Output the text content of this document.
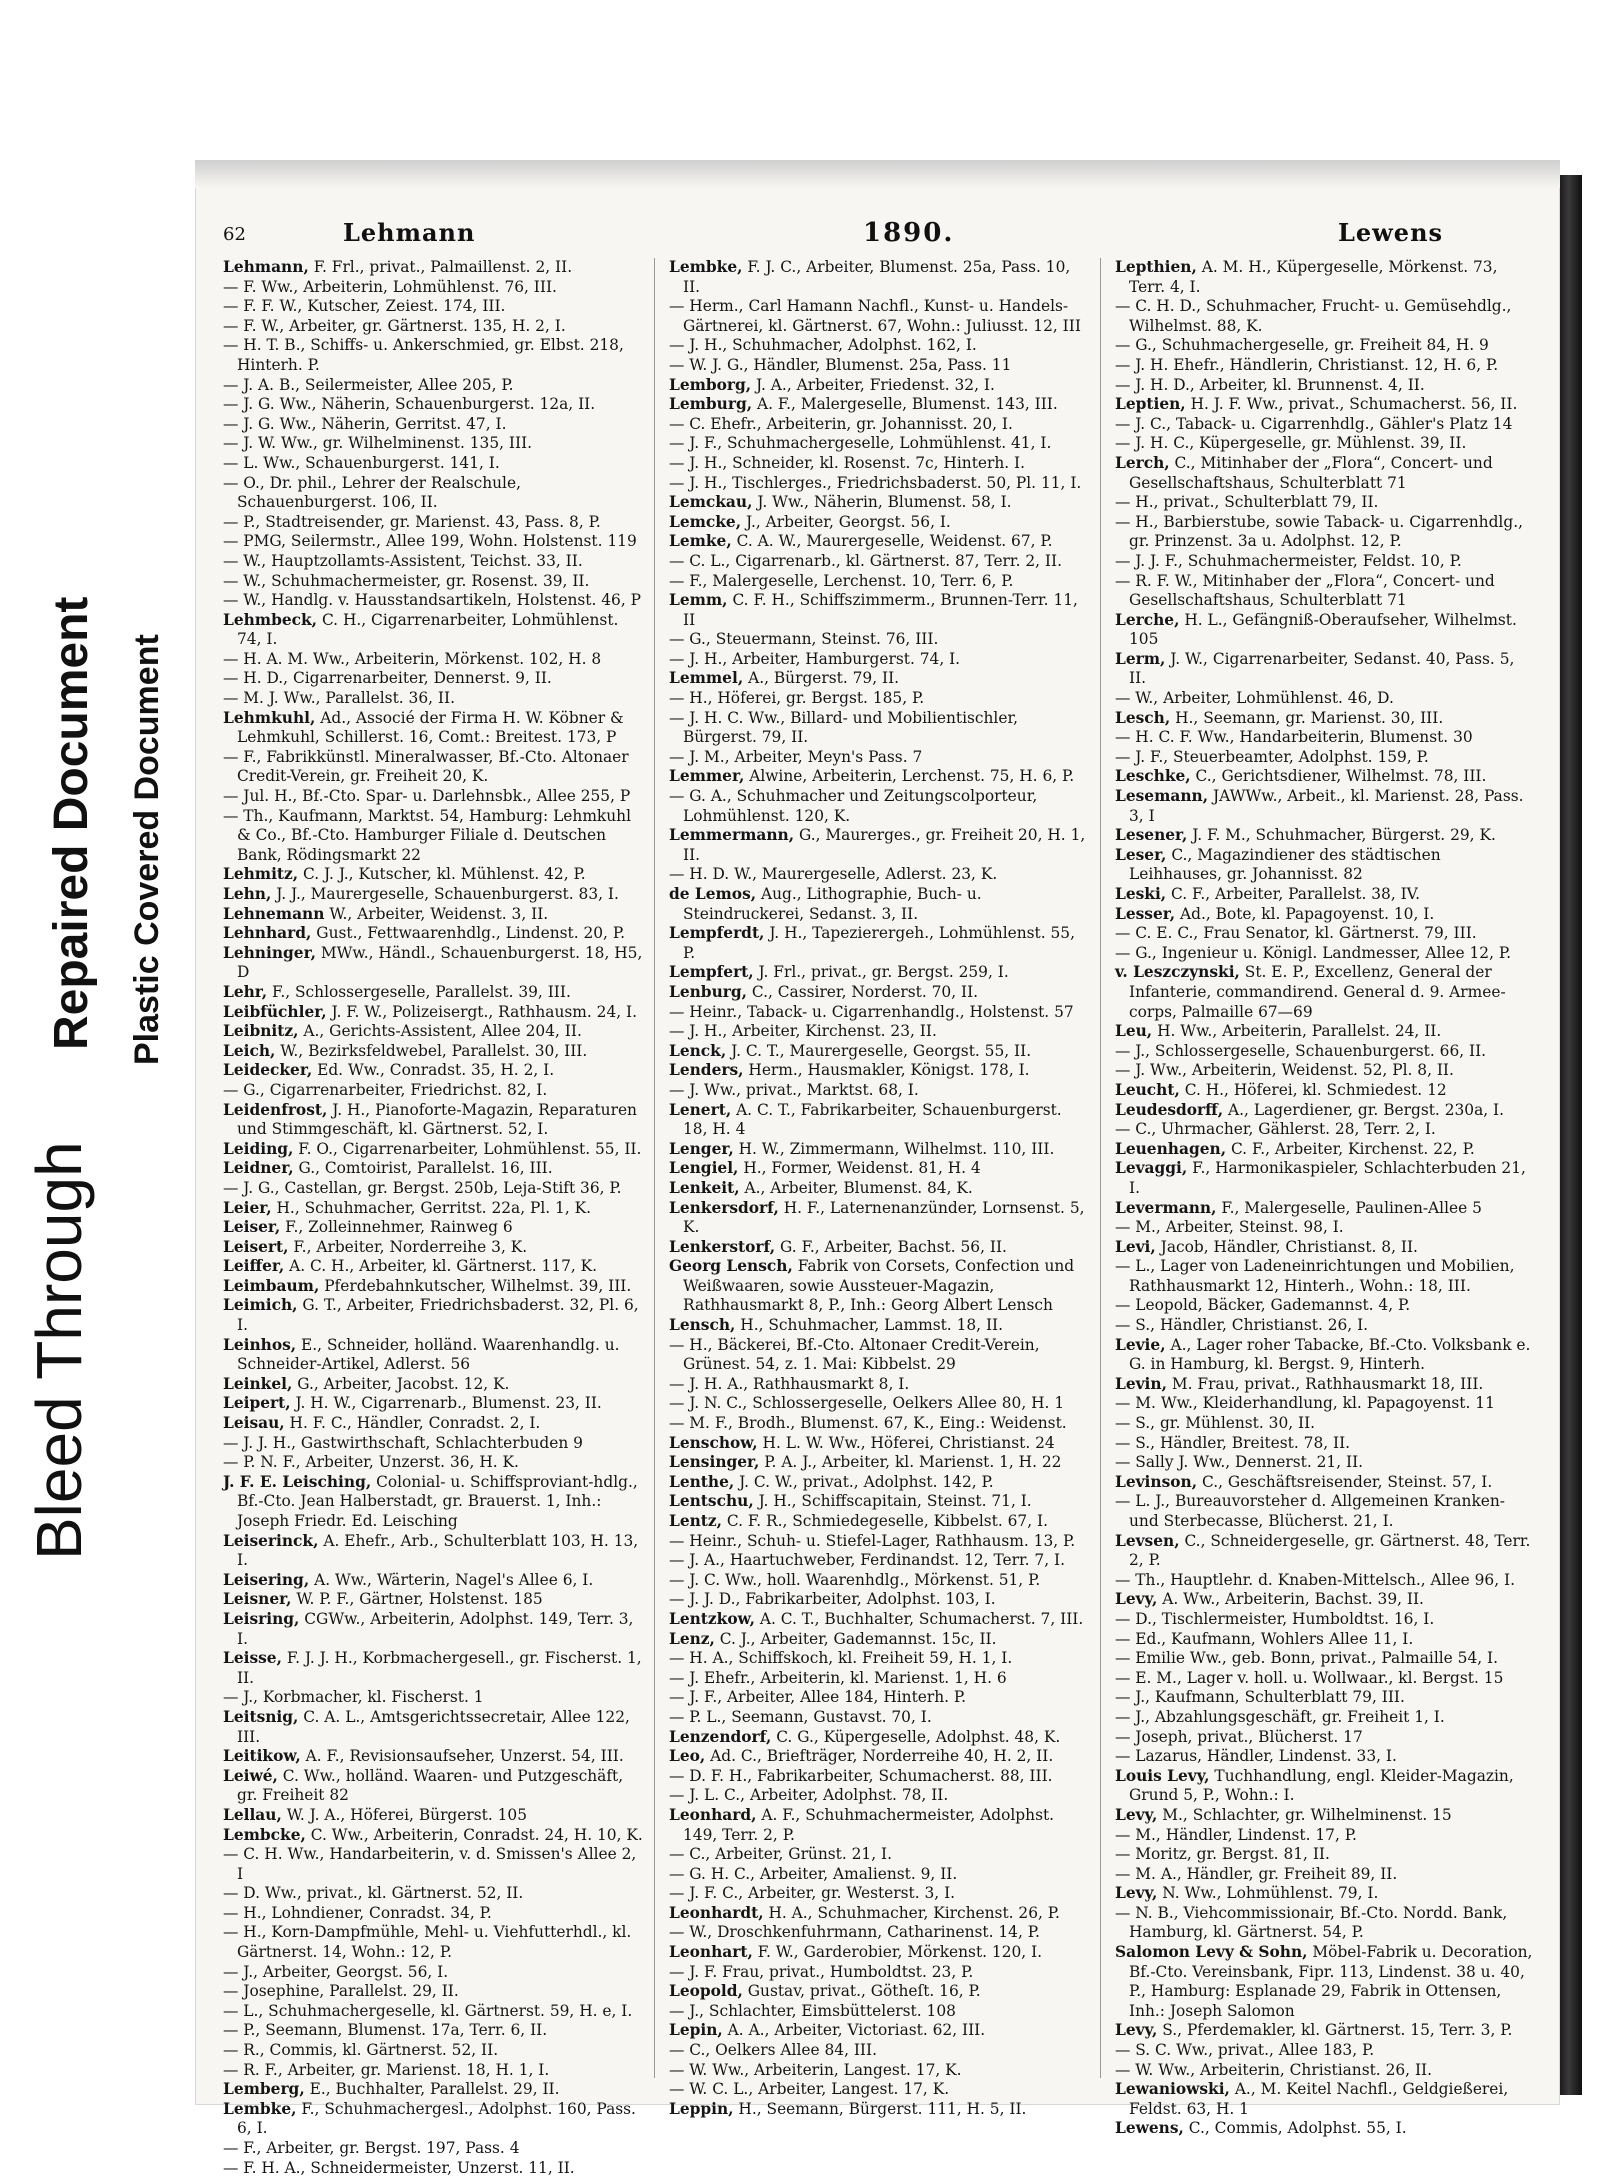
Bleed Through
Repaired Document Plastic Covered Document
62	Lehmann	1890.	Lewens

Lehmann, F. Frl., privat., Palmaillenst. 2, II.

— F. Ww., Arbeiterin, Lohmühlenst. 76, III.

— F. F. W., Kutscher, Zeiest. 174, III.

— F. W., Arbeiter, gr. Gärtnerst. 135, H. 2, I.

— H. T. B., Schiffs- u. Ankerschmied, gr. Elbst. 218, Hinterh. P.

— J. A. B., Seilermeister, Allee 205, P.

— J. G. Ww., Näherin, Schauenburgerst. 12a, II.

— J. G. Ww., Näherin, Gerritst. 47, I.

— J. W. Ww., gr. Wilhelminenst. 135, III.

— L. Ww., Schauenburgerst. 141, I.

— O., Dr. phil., Lehrer der Realschule, Schauenburgerst. 106, II.

— P., Stadtreisender, gr. Marienst. 43, Pass. 8, P.

— PMG, Seilermstr., Allee 199, Wohn. Holstenst. 119

— W., Hauptzollamts-Assistent, Teichst. 33, II.

— W., Schuhmachermeister, gr. Rosenst. 39, II.

— W., Handlg. v. Hausstandsartikeln, Holstenst. 46, P

Lehmbeck, C. H., Cigarrenarbeiter, Lohmühlenst. 74, I.

— H. A. M. Ww., Arbeiterin, Mörkenst. 102, H. 8

— H. D., Cigarrenarbeiter, Dennerst. 9, II.

— M. J. Ww., Parallelst. 36, II.

Lehmkuhl, Ad., Associé der Firma H. W. Köbner & Lehmkuhl, Schillerst. 16, Comt.: Breitest. 173, P

— F., Fabrikkünstl. Mineralwasser, Bf.-Cto. Altonaer Credit-Verein, gr. Freiheit 20, K.

— Jul. H., Bf.-Cto. Spar- u. Darlehnsbk., Allee 255, P

— Th., Kaufmann, Marktst. 54, Hamburg: Lehmkuhl & Co., Bf.-Cto. Hamburger Filiale d. Deutschen Bank, Rödingsmarkt 22

Lehmitz, C. J. J., Kutscher, kl. Mühlenst. 42, P.

Lehn, J. J., Maurergeselle, Schauenburgerst. 83, I.

Lehnemann W., Arbeiter, Weidenst. 3, II.

Lehnhard, Gust., Fettwaarenhdlg., Lindenst. 20, P.

Lehninger, MWw., Händl., Schauenburgerst. 18, H5, D

Lehr, F., Schlossergeselle, Parallelst. 39, III.

Leibfüchler, J. F. W., Polizeisergt., Rathhausm. 24, I.

Leibnitz, A., Gerichts-Assistent, Allee 204, II.

Leich, W., Bezirksfeldwebel, Parallelst. 30, III.

Leidecker, Ed. Ww., Conradst. 35, H. 2, I.

— G., Cigarrenarbeiter, Friedrichst. 82, I.

Leidenfrost, J. H., Pianoforte-Magazin, Reparaturen und Stimmgeschäft, kl. Gärtnerst. 52, I.

Leiding, F. O., Cigarrenarbeiter, Lohmühlenst. 55, II.

Leidner, G., Comtoirist, Parallelst. 16, III.

— J. G., Castellan, gr. Bergst. 250b, Leja-Stift 36, P.

Leier, H., Schuhmacher, Gerritst. 22a, Pl. 1, K.

Leiser, F., Zolleinnehmer, Rainweg 6

Leisert, F., Arbeiter, Norderreihe 3, K.

Leiffer, A. C. H., Arbeiter, kl. Gärtnerst. 117, K.

Leimbaum, Pferdebahnkutscher, Wilhelmst. 39, III.

Leimich, G. T., Arbeiter, Friedrichsbaderst. 32, Pl. 6, I.

Leinhos, E., Schneider, holländ. Waarenhandlg. u. Schneider-Artikel, Adlerst. 56

Leinkel, G., Arbeiter, Jacobst. 12, K.

Leipert, J. H. W., Cigarrenarb., Blumenst. 23, II.

Leisau, H. F. C., Händler, Conradst. 2, I.

— J. J. H., Gastwirthschaft, Schlachterbuden 9

— P. N. F., Arbeiter, Unzerst. 36, H. K.

J. F. E. Leisching, Colonial- u. Schiffsproviant-hdlg., Bf.-Cto. Jean Halberstadt, gr. Brauerst. 1, Inh.: Joseph Friedr. Ed. Leisching

Leiserinck, A. Ehefr., Arb., Schulterblatt 103, H. 13, I.

Leisering, A. Ww., Wärterin, Nagel's Allee 6, I.

Leisner, W. P. F., Gärtner, Holstenst. 185

Leisring, CGWw., Arbeiterin, Adolphst. 149, Terr. 3, I.

Leisse, F. J. J. H., Korbmachergesell., gr. Fischerst. 1, II.

— J., Korbmacher, kl. Fischerst. 1

Leitsnig, C. A. L., Amtsgerichtssecretair, Allee 122, III.

Leitikow, A. F., Revisionsaufseher, Unzerst. 54, III.

Leiwé, C. Ww., holländ. Waaren- und Putzgeschäft, gr. Freiheit 82

Lellau, W. J. A., Höferei, Bürgerst. 105

Lembcke, C. Ww., Arbeiterin, Conradst. 24, H. 10, K.

— C. H. Ww., Handarbeiterin, v. d. Smissen's Allee 2, I

— D. Ww., privat., kl. Gärtnerst. 52, II.

— H., Lohndiener, Conradst. 34, P.

— H., Korn-Dampfmühle, Mehl- u. Viehfutterhdl., kl. Gärtnerst. 14, Wohn.: 12, P.

— J., Arbeiter, Georgst. 56, I.

— Josephine, Parallelst. 29, II.

— L., Schuhmachergeselle, kl. Gärtnerst. 59, H. e, I.

— P., Seemann, Blumenst. 17a, Terr. 6, II.

— R., Commis, kl. Gärtnerst. 52, II.

— R. F., Arbeiter, gr. Marienst. 18, H. 1, I.

Lemberg, E., Buchhalter, Parallelst. 29, II.

Lembke, F., Schuhmachergesl., Adolphst. 160, Pass. 6, I.

— F., Arbeiter, gr. Bergst. 197, Pass. 4

— F. H. A., Schneidermeister, Unzerst. 11, II.

Lembke, F. J. C., Arbeiter, Blumenst. 25a, Pass. 10, II.

— Herm., Carl Hamann Nachfl., Kunst- u. Handels-Gärtnerei, kl. Gärtnerst. 67, Wohn.: Juliusst. 12, III

— J. H., Schuhmacher, Adolphst. 162, I.

— W. J. G., Händler, Blumenst. 25a, Pass. 11

Lemborg, J. A., Arbeiter, Friedenst. 32, I.

Lemburg, A. F., Malergeselle, Blumenst. 143, III.

— C. Ehefr., Arbeiterin, gr. Johannisst. 20, I.

— J. F., Schuhmachergeselle, Lohmühlenst. 41, I.

— J. H., Schneider, kl. Rosenst. 7c, Hinterh. I.

— J. H., Tischlerges., Friedrichsbaderst. 50, Pl. 11, I.

Lemckau, J. Ww., Näherin, Blumenst. 58, I.

Lemcke, J., Arbeiter, Georgst. 56, I.

Lemke, C. A. W., Maurergeselle, Weidenst. 67, P.

— C. L., Cigarrenarb., kl. Gärtnerst. 87, Terr. 2, II.

— F., Malergeselle, Lerchenst. 10, Terr. 6, P.

Lemm, C. F. H., Schiffszimmerm., Brunnen-Terr. 11, II

— G., Steuermann, Steinst. 76, III.

— J. H., Arbeiter, Hamburgerst. 74, I.

Lemmel, A., Bürgerst. 79, II.

— H., Höferei, gr. Bergst. 185, P.

— J. H. C. Ww., Billard- und Mobilientischler, Bürgerst. 79, II.

— J. M., Arbeiter, Meyn's Pass. 7

Lemmer, Alwine, Arbeiterin, Lerchenst. 75, H. 6, P.

— G. A., Schuhmacher und Zeitungscolporteur, Lohmühlenst. 120, K.

Lemmermann, G., Maurerges., gr. Freiheit 20, H. 1, II.

— H. D. W., Maurergeselle, Adlerst. 23, K.

de Lemos, Aug., Lithographie, Buch- u. Steindruckerei, Sedanst. 3, II.

Lempferdt, J. H., Tapezierergeh., Lohmühlenst. 55, P.

Lempfert, J. Frl., privat., gr. Bergst. 259, I.

Lenburg, C., Cassirer, Norderst. 70, II.

— Heinr., Taback- u. Cigarrenhandlg., Holstenst. 57

— J. H., Arbeiter, Kirchenst. 23, II.

Lenck, J. C. T., Maurergeselle, Georgst. 55, II.

Lenders, Herm., Hausmakler, Königst. 178, I.

— J. Ww., privat., Marktst. 68, I.

Lenert, A. C. T., Fabrikarbeiter, Schauenburgerst. 18, H. 4

Lenger, H. W., Zimmermann, Wilhelmst. 110, III.

Lengiel, H., Former, Weidenst. 81, H. 4

Lenkeit, A., Arbeiter, Blumenst. 84, K.

Lenkersdorf, H. F., Laternenanzünder, Lornsenst. 5, K.

Lenkerstorf, G. F., Arbeiter, Bachst. 56, II.

Georg Lensch, Fabrik von Corsets, Confection und Weißwaaren, sowie Aussteuer-Magazin, Rathhausmarkt 8, P., Inh.: Georg Albert Lensch

Lensch, H., Schuhmacher, Lammst. 18, II.

— H., Bäckerei, Bf.-Cto. Altonaer Credit-Verein, Grünest. 54, z. 1. Mai: Kibbelst. 29

— J. H. A., Rathhausmarkt 8, I.

— J. N. C., Schlossergeselle, Oelkers Allee 80, H. 1

— M. F., Brodh., Blumenst. 67, K., Eing.: Weidenst.

Lenschow, H. L. W. Ww., Höferei, Christianst. 24

Lensinger, P. A. J., Arbeiter, kl. Marienst. 1, H. 22

Lenthe, J. C. W., privat., Adolphst. 142, P.

Lentschu, J. H., Schiffscapitain, Steinst. 71, I.

Lentz, C. F. R., Schmiedegeselle, Kibbelst. 67, I.

— Heinr., Schuh- u. Stiefel-Lager, Rathhausm. 13, P.

— J. A., Haartuchweber, Ferdinandst. 12, Terr. 7, I.

— J. C. Ww., holl. Waarenhdlg., Mörkenst. 51, P.

— J. J. D., Fabrikarbeiter, Adolphst. 103, I.

Lentzkow, A. C. T., Buchhalter, Schumacherst. 7, III.

Lenz, C. J., Arbeiter, Gademannst. 15c, II.

— H. A., Schiffskoch, kl. Freiheit 59, H. 1, I.

— J. Ehefr., Arbeiterin, kl. Marienst. 1, H. 6

— J. F., Arbeiter, Allee 184, Hinterh. P.

— P. L., Seemann, Gustavst. 70, I.

Lenzendorf, C. G., Küpergeselle, Adolphst. 48, K.

Leo, Ad. C., Briefträger, Norderreihe 40, H. 2, II.

— D. F. H., Fabrikarbeiter, Schumacherst. 88, III.

— J. L. C., Arbeiter, Adolphst. 78, II.

Leonhard, A. F., Schuhmachermeister, Adolphst. 149, Terr. 2, P.

— C., Arbeiter, Grünst. 21, I.

— G. H. C., Arbeiter, Amalienst. 9, II.

— J. F. C., Arbeiter, gr. Westerst. 3, I.

Leonhardt, H. A., Schuhmacher, Kirchenst. 26, P.

— W., Droschkenfuhrmann, Catharinenst. 14, P.

Leonhart, F. W., Garderobier, Mörkenst. 120, I.

— J. F. Frau, privat., Humboldtst. 23, P.

Leopold, Gustav, privat., Götheſt. 16, P.

— J., Schlachter, Eimsbüttelerst. 108

Lepin, A. A., Arbeiter, Victoriast. 62, III.

— C., Oelkers Allee 84, III.

— W. Ww., Arbeiterin, Langest. 17, K.

— W. C. L., Arbeiter, Langest. 17, K.

Leppin, H., Seemann, Bürgerst. 111, H. 5, II.

Lepthien, A. M. H., Küpergeselle, Mörkenst. 73, Terr. 4, I.

— C. H. D., Schuhmacher, Frucht- u. Gemüsehdlg., Wilhelmst. 88, K.

— G., Schuhmachergeselle, gr. Freiheit 84, H. 9

— J. H. Ehefr., Händlerin, Christianst. 12, H. 6, P.

— J. H. D., Arbeiter, kl. Brunnenst. 4, II.

Leptien, H. J. F. Ww., privat., Schumacherst. 56, II.

— J. C., Taback- u. Cigarrenhdlg., Gähler's Platz 14

— J. H. C., Küpergeselle, gr. Mühlenst. 39, II.

Lerch, C., Mitinhaber der „Flora“, Concert- und Gesellschaftshaus, Schulterblatt 71

— H., privat., Schulterblatt 79, II.

— H., Barbierstube, sowie Taback- u. Cigarrenhdlg., gr. Prinzenst. 3a u. Adolphst. 12, P.

— J. J. F., Schuhmachermeister, Feldst. 10, P.

— R. F. W., Mitinhaber der „Flora“, Concert- und Gesellschaftshaus, Schulterblatt 71

Lerche, H. L., Gefängniß-Oberaufseher, Wilhelmst. 105

Lerm, J. W., Cigarrenarbeiter, Sedanst. 40, Pass. 5, II.

— W., Arbeiter, Lohmühlenst. 46, D.

Lesch, H., Seemann, gr. Marienst. 30, III.

— H. C. F. Ww., Handarbeiterin, Blumenst. 30

— J. F., Steuerbeamter, Adolphst. 159, P.

Leschke, C., Gerichtsdiener, Wilhelmst. 78, III.

Lesemann, JAWWw., Arbeit., kl. Marienst. 28, Pass. 3, I

Lesener, J. F. M., Schuhmacher, Bürgerst. 29, K.

Leser, C., Magazindiener des städtischen Leihhauses, gr. Johannisst. 82

Leski, C. F., Arbeiter, Parallelst. 38, IV.

Lesser, Ad., Bote, kl. Papagoyenst. 10, I.

— C. E. C., Frau Senator, kl. Gärtnerst. 79, III.

— G., Ingenieur u. Königl. Landmesser, Allee 12, P.

v. Leszczynski, St. E. P., Excellenz, General der Infanterie, commandirend. General d. 9. Armee-corps, Palmaille 67—69

Leu, H. Ww., Arbeiterin, Parallelst. 24, II.

— J., Schlossergeselle, Schauenburgerst. 66, II.

— J. Ww., Arbeiterin, Weidenst. 52, Pl. 8, II.

Leucht, C. H., Höferei, kl. Schmiedest. 12

Leudesdorff, A., Lagerdiener, gr. Bergst. 230a, I.

— C., Uhrmacher, Gählerst. 28, Terr. 2, I.

Leuenhagen, C. F., Arbeiter, Kirchenst. 22, P.

Levaggi, F., Harmonikaspieler, Schlachterbuden 21, I.

Levermann, F., Malergeselle, Paulinen-Allee 5

— M., Arbeiter, Steinst. 98, I.

Levi, Jacob, Händler, Christianst. 8, II.

— L., Lager von Ladeneinrichtungen und Mobilien, Rathhausmarkt 12, Hinterh., Wohn.: 18, III.

— Leopold, Bäcker, Gademannst. 4, P.

— S., Händler, Christianst. 26, I.

Levie, A., Lager roher Tabacke, Bf.-Cto. Volksbank e. G. in Hamburg, kl. Bergst. 9, Hinterh.

Levin, M. Frau, privat., Rathhausmarkt 18, III.

— M. Ww., Kleiderhandlung, kl. Papagoyenst. 11

— S., gr. Mühlenst. 30, II.

— S., Händler, Breitest. 78, II.

— Sally J. Ww., Dennerst. 21, II.

Levinson, C., Geschäftsreisender, Steinst. 57, I.

— L. J., Bureauvorsteher d. Allgemeinen Kranken- und Sterbecasse, Blücherst. 21, I.

Levsen, C., Schneidergeselle, gr. Gärtnerst. 48, Terr. 2, P.

— Th., Hauptlehr. d. Knaben-Mittelsch., Allee 96, I.

Levy, A. Ww., Arbeiterin, Bachst. 39, II.

— D., Tischlermeister, Humboldtst. 16, I.

— Ed., Kaufmann, Wohlers Allee 11, I.

— Emilie Ww., geb. Bonn, privat., Palmaille 54, I.

— E. M., Lager v. holl. u. Wollwaar., kl. Bergst. 15

— J., Kaufmann, Schulterblatt 79, III.

— J., Abzahlungsgeschäft, gr. Freiheit 1, I.

— Joseph, privat., Blücherst. 17

— Lazarus, Händler, Lindenst. 33, I.

Louis Levy, Tuchhandlung, engl. Kleider-Magazin, Grund 5, P., Wohn.: I.

Levy, M., Schlachter, gr. Wilhelminenst. 15

— M., Händler, Lindenst. 17, P.

— Moritz, gr. Bergst. 81, II.

— M. A., Händler, gr. Freiheit 89, II.

Levy, N. Ww., Lohmühlenst. 79, I.

— N. B., Viehcommissionair, Bf.-Cto. Nordd. Bank, Hamburg, kl. Gärtnerst. 54, P.

Salomon Levy & Sohn, Möbel-Fabrik u. Decoration, Bf.-Cto. Vereinsbank, Fipr. 113, Lindenst. 38 u. 40, P., Hamburg: Esplanade 29, Fabrik in Ottensen, Inh.: Joseph Salomon

Levy, S., Pferdemakler, kl. Gärtnerst. 15, Terr. 3, P.

— S. C. Ww., privat., Allee 183, P.

— W. Ww., Arbeiterin, Christianst. 26, II.

Lewaniowski, A., M. Keitel Nachfl., Geldgießerei, Feldst. 63, H. 1

Lewens, C., Commis, Adolphst. 55, I.
